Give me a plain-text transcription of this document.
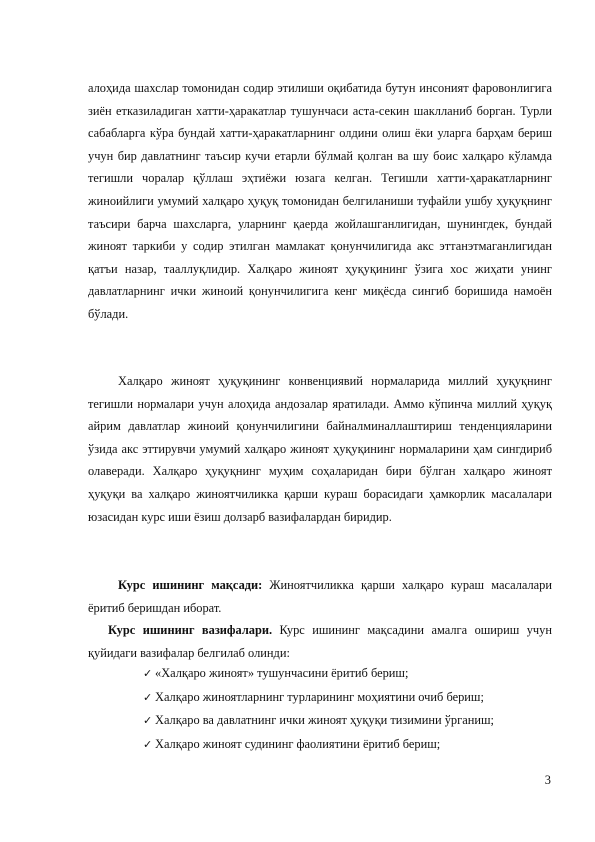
алоҳида шахслар томонидан содир этилиши оқибатида бутун инсоният фаровонлигига зиён етказиладиган хатти-ҳаракатлар тушунчаси аста-секин шаклланиб борган. Турли сабабларга кўра бундай хатти-ҳаракатларнинг олдини олиш ёки уларга барҳам бериш учун бир давлатнинг таъсир кучи етарли бўлмай қолган ва шу боис халқаро кўламда тегишли чоралар қўллаш эҳтиёжи юзага келган. Тегишли хатти-ҳаракатларнинг жиноийлиги умумий халқаро ҳуқуқ томонидан белгиланиши туфайли ушбу ҳуқуқнинг таъсири барча шахсларга, уларнинг қаерда жойлашганлигидан, шунингдек, бундай жиноят таркиби у содир этилган мамлакат қонунчилигида акс эттанэтмаганлигидан қатъи назар, тааллуқлидир. Халқаро жиноят ҳуқуқининг ўзига хос жиҳати унинг давлатларнинг ички жиноий қонунчилигига кенг миқёсда сингиб боришида намоён бўлади.

Халқаро жиноят ҳуқуқининг конвенциявий нормаларида миллий ҳуқуқнинг тегишли нормалари учун алоҳида андозалар яратилади. Аммо кўпинча миллий ҳуқуқ айрим давлатлар жиноий қонунчилигини байналминаллаштириш тенденцияларини ўзида акс эттирувчи умумий халқаро жиноят ҳуқуқининг нормаларини ҳам сингдириб олаверади. Халқаро ҳуқуқнинг муҳим соҳаларидан бири бўлган халқаро жиноят ҳуқуқи ва халқаро жиноятчиликка қарши кураш борасидаги ҳамкорлик масалалари юзасидан курс иши ёзиш долзарб вазифалардан биридир.

Курс ишининг мақсади: Жиноятчиликка қарши халқаро кураш масалалари ёритиб беришдан иборат.

Курс ишининг вазифалари. Курс ишининг мақсадини амалга ошириш учун қуйидаги вазифалар белгилаб олинди:

✓ «Халқаро жиноят» тушунчасини ёритиб бериш;
✓ Халқаро жиноятларнинг турларининг моҳиятини очиб бериш;
✓ Халқаро ва давлатнинг ички жиноят ҳуқуқи тизимини ўрганиш;
✓ Халқаро жиноят судининг фаолиятини ёритиб бериш;
3
